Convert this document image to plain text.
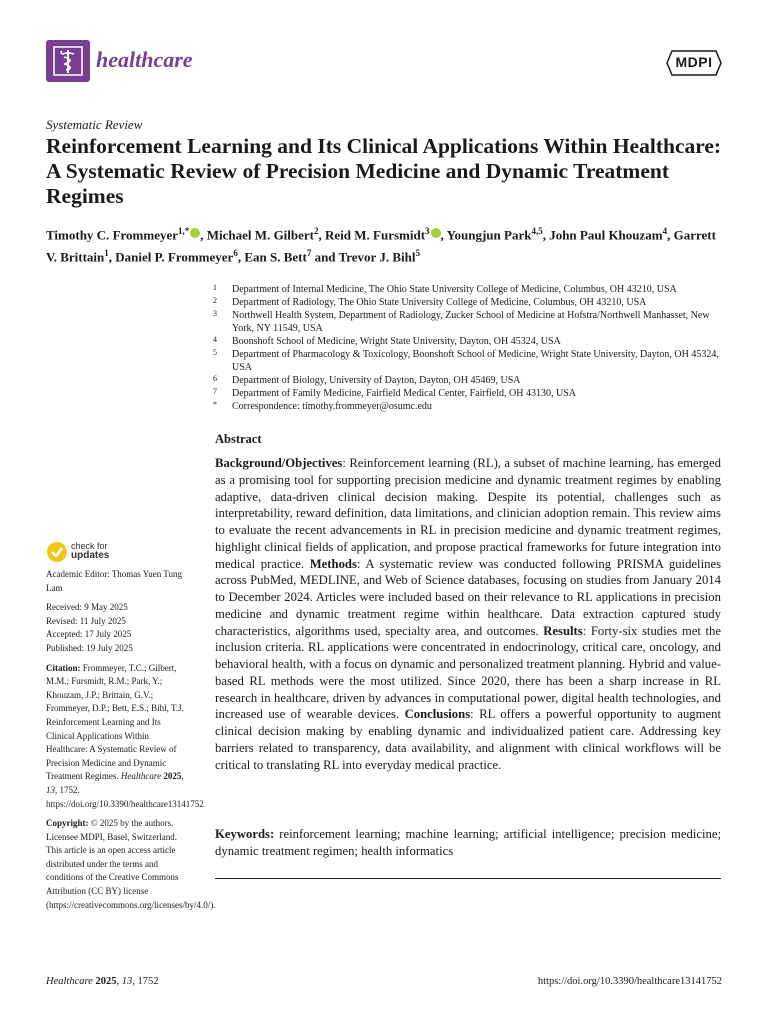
healthcare	MDPI
Systematic Review
Reinforcement Learning and Its Clinical Applications Within Healthcare: A Systematic Review of Precision Medicine and Dynamic Treatment Regimes
Timothy C. Frommeyer$^{1,*}$ , Michael M. Gilbert$^2$, Reid M. Fursmidt$^3$ , Youngjun Park$^{4,5}$, John Paul Khouzam$^4$, Garrett V. Brittain$^1$, Daniel P. Frommeyer$^6$, Ean S. Bett$^7$ and Trevor J. Bihl$^5$
1 Department of Internal Medicine, The Ohio State University College of Medicine, Columbus, OH 43210, USA
2 Department of Radiology, The Ohio State University College of Medicine, Columbus, OH 43210, USA
3 Northwell Health System, Department of Radiology, Zucker School of Medicine at Hofstra/Northwell Manhasset, New York, NY 11549, USA
4 Boonshoft School of Medicine, Wright State University, Dayton, OH 45324, USA
5 Department of Pharmacology & Toxicology, Boonshoft School of Medicine, Wright State University, Dayton, OH 45324, USA
6 Department of Biology, University of Dayton, Dayton, OH 45469, USA
7 Department of Family Medicine, Fairfield Medical Center, Fairfield, OH 43130, USA
* Correspondence: timothy.frommeyer@osumc.edu
Abstract
Background/Objectives: Reinforcement learning (RL), a subset of machine learning, has emerged as a promising tool for supporting precision medicine and dynamic treatment regimes by enabling adaptive, data-driven clinical decision making. Despite its potential, challenges such as interpretability, reward definition, data limitations, and clinician adoption remain. This review aims to evaluate the recent advancements in RL in precision medicine and dynamic treatment regimes, highlight clinical fields of application, and propose practical frameworks for future integration into medical practice. Methods: A systematic review was conducted following PRISMA guidelines across PubMed, MEDLINE, and Web of Science databases, focusing on studies from January 2014 to December 2024. Articles were included based on their relevance to RL applications in precision medicine and dynamic treatment regime within healthcare. Data extraction captured study characteristics, algorithms used, specialty area, and outcomes. Results: Forty-six studies met the inclusion criteria. RL applications were concentrated in endocrinology, critical care, oncology, and behavioral health, with a focus on dynamic and personalized treatment planning. Hybrid and value-based RL methods were the most utilized. Since 2020, there has been a sharp increase in RL research in healthcare, driven by advances in computational power, digital health technologies, and increased use of wearable devices. Conclusions: RL offers a powerful opportunity to augment clinical decision making by enabling dynamic and individualized patient care. Addressing key barriers related to transparency, data availability, and alignment with clinical workflows will be critical to translating RL into everyday medical practice.
Keywords: reinforcement learning; machine learning; artificial intelligence; precision medicine; dynamic treatment regimen; health informatics
check for
updates
Academic Editor: Thomas Yuen Tung Lam
Received: 9 May 2025
Revised: 11 July 2025
Accepted: 17 July 2025
Published: 19 July 2025
Citation: Frommeyer, T.C.; Gilbert, M.M.; Fursmidt, R.M.; Park, Y.; Khouzam, J.P.; Brittain, G.V.; Frommeyer, D.P.; Bett, E.S.; Bihl, T.J. Reinforcement Learning and Its Clinical Applications Within Healthcare: A Systematic Review of Precision Medicine and Dynamic Treatment Regimes. Healthcare 2025, 13, 1752. https://doi.org/10.3390/healthcare13141752
Copyright: © 2025 by the authors. Licensee MDPI, Basel, Switzerland. This article is an open access article distributed under the terms and conditions of the Creative Commons Attribution (CC BY) license (https://creativecommons.org/licenses/by/4.0/).
Healthcare 2025, 13, 1752	https://doi.org/10.3390/healthcare13141752
